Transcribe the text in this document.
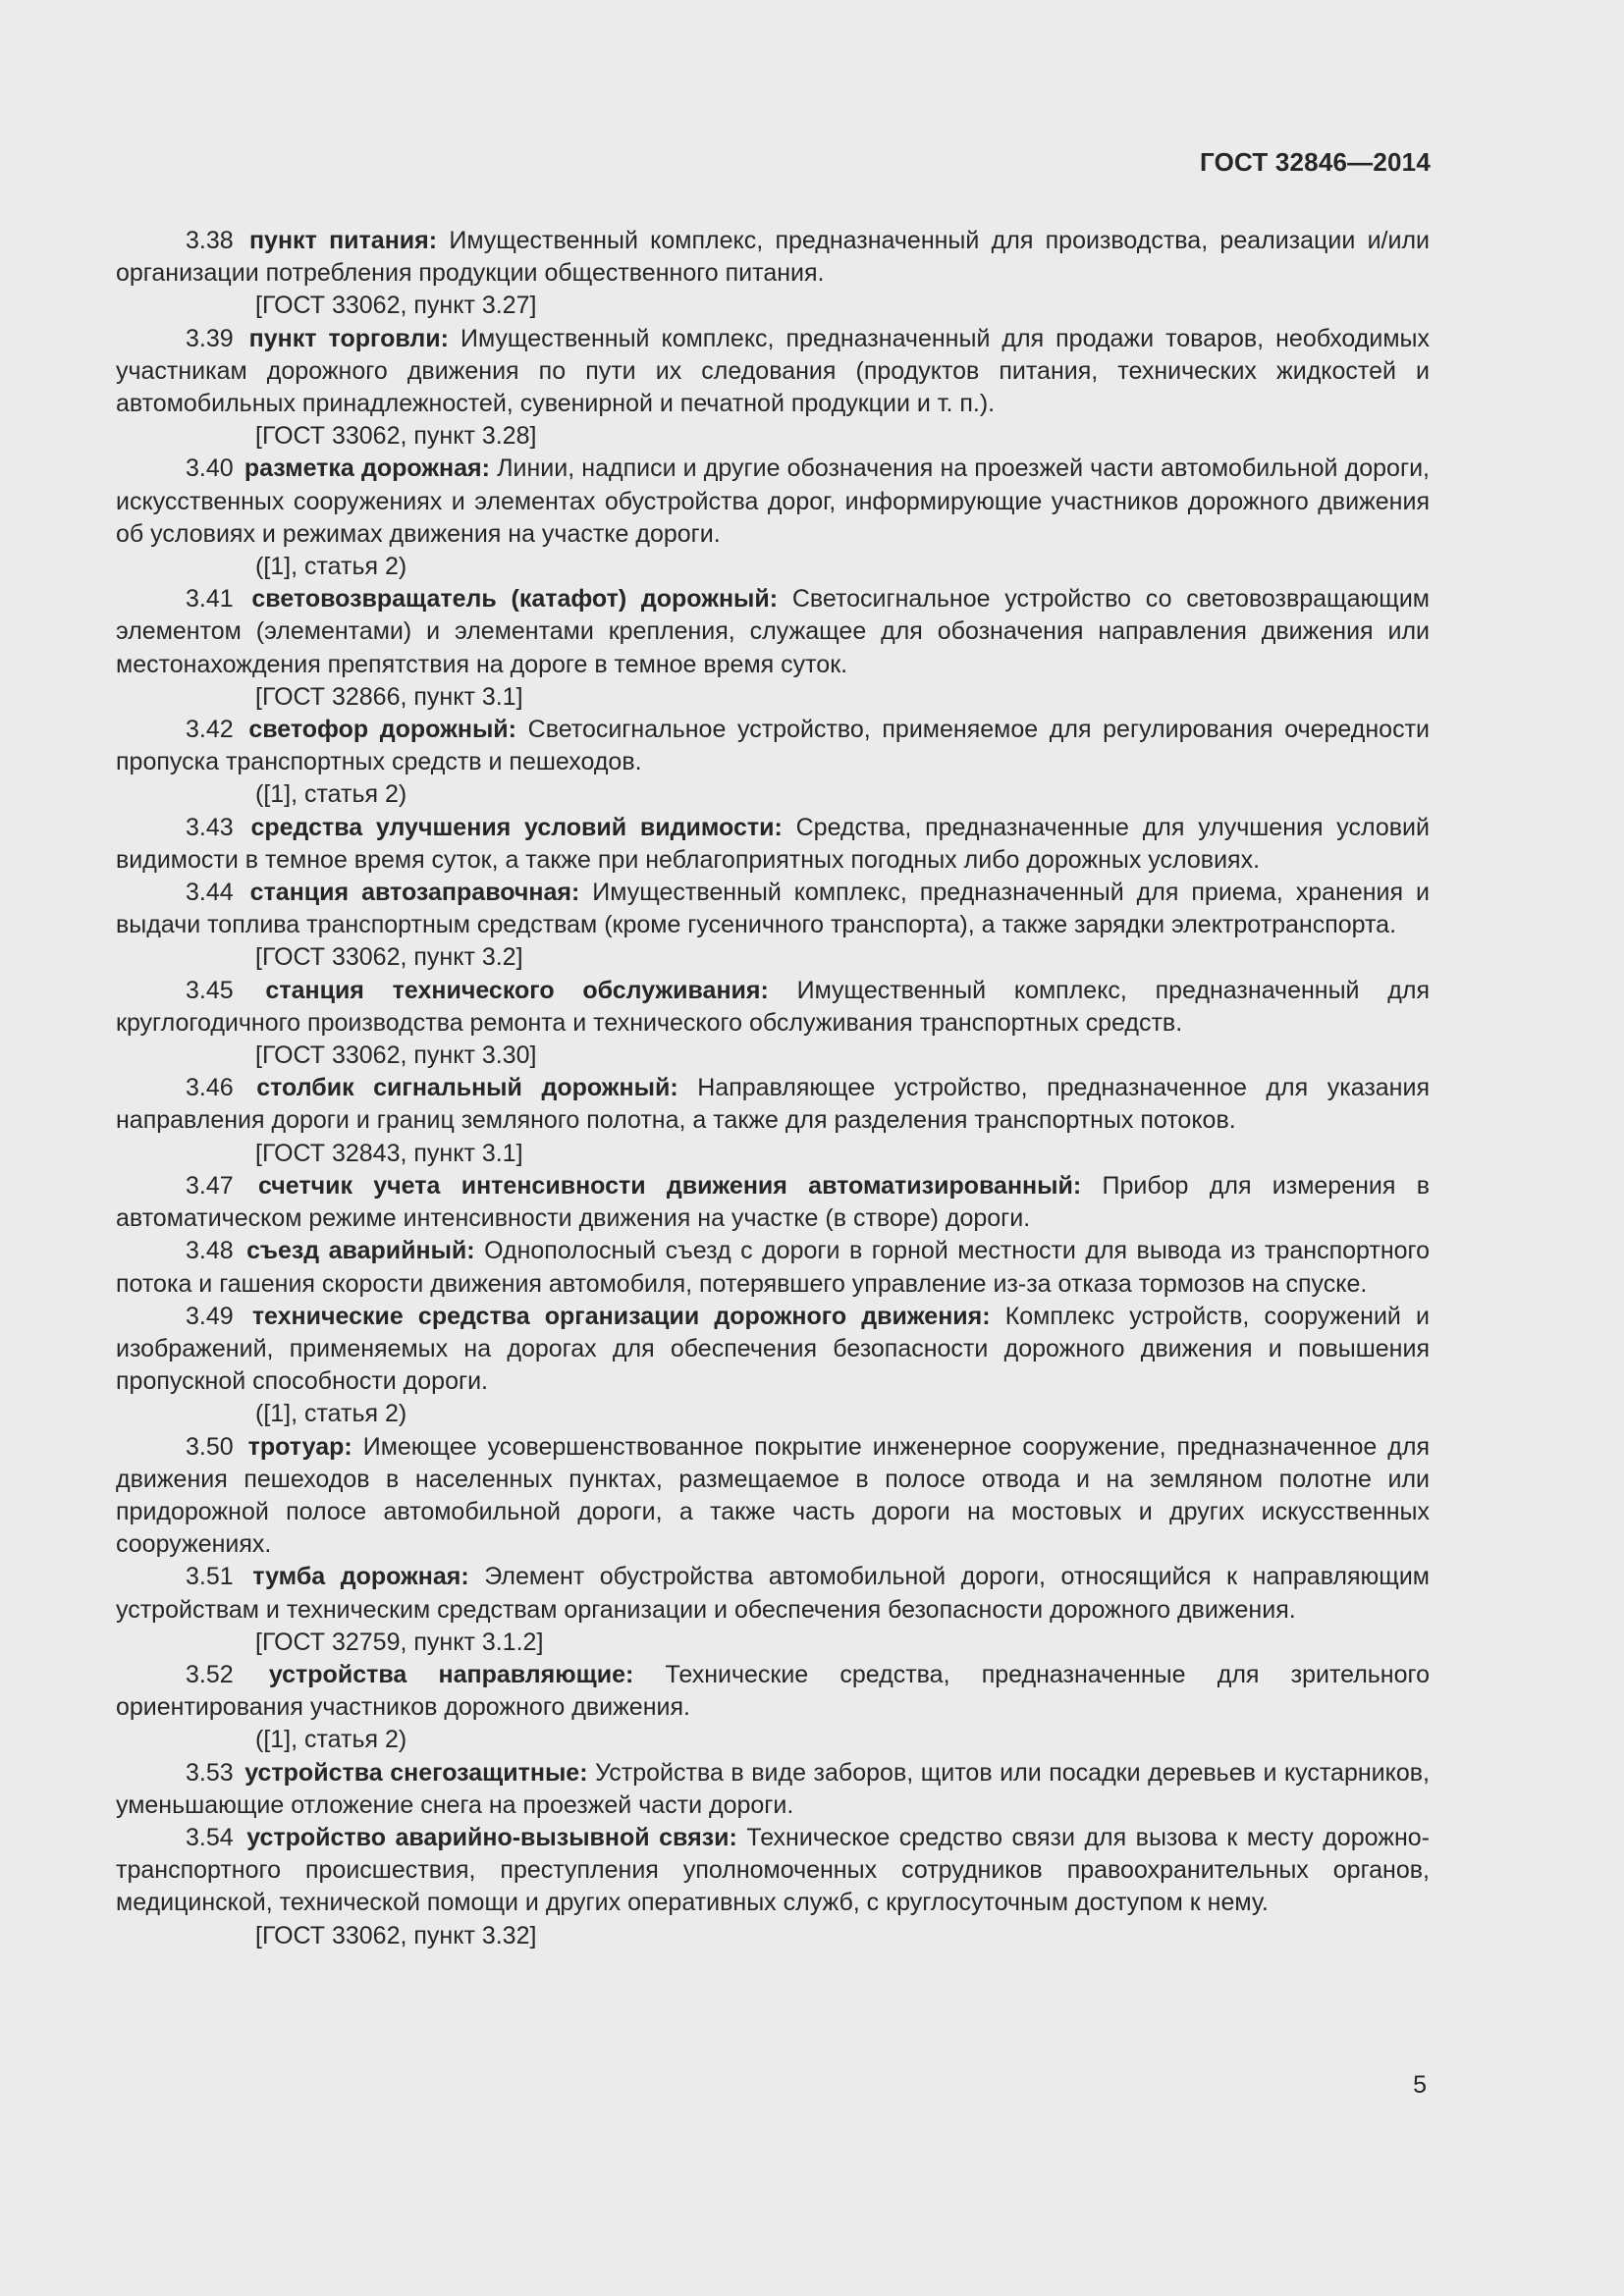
ГОСТ 32846—2014

3.38 пункт питания: Имущественный комплекс, предназначенный для производства, реализации и/или организации потребления продукции общественного питания.

[ГОСТ 33062, пункт 3.27]

3.39 пункт торговли: Имущественный комплекс, предназначенный для продажи товаров, необходимых участникам дорожного движения по пути их следования (продуктов питания, технических жидкостей и автомобильных принадлежностей, сувенирной и печатной продукции и т. п.).

[ГОСТ 33062, пункт 3.28]

3.40 разметка дорожная: Линии, надписи и другие обозначения на проезжей части автомобильной дороги, искусственных сооружениях и элементах обустройства дорог, информирующие участников дорожного движения об условиях и режимах движения на участке дороги.

([1], статья 2)

3.41 световозвращатель (катафот) дорожный: Светосигнальное устройство со световозвращающим элементом (элементами) и элементами крепления, служащее для обозначения направления движения или местонахождения препятствия на дороге в темное время суток.

[ГОСТ 32866, пункт 3.1]

3.42 светофор дорожный: Светосигнальное устройство, применяемое для регулирования очередности пропуска транспортных средств и пешеходов.

([1], статья 2)

3.43 средства улучшения условий видимости: Средства, предназначенные для улучшения условий видимости в темное время суток, а также при неблагоприятных погодных либо дорожных условиях.

3.44 станция автозаправочная: Имущественный комплекс, предназначенный для приема, хранения и выдачи топлива транспортным средствам (кроме гусеничного транспорта), а также зарядки электротранспорта.

[ГОСТ 33062, пункт 3.2]

3.45 станция технического обслуживания: Имущественный комплекс, предназначенный для круглогодичного производства ремонта и технического обслуживания транспортных средств.

[ГОСТ 33062, пункт 3.30]

3.46 столбик сигнальный дорожный: Направляющее устройство, предназначенное для указания направления дороги и границ земляного полотна, а также для разделения транспортных потоков.

[ГОСТ 32843, пункт 3.1]

3.47 счетчик учета интенсивности движения автоматизированный: Прибор для измерения в автоматическом режиме интенсивности движения на участке (в створе) дороги.

3.48 съезд аварийный: Однополосный съезд с дороги в горной местности для вывода из транспортного потока и гашения скорости движения автомобиля, потерявшего управление из-за отказа тормозов на спуске.

3.49 технические средства организации дорожного движения: Комплекс устройств, сооружений и изображений, применяемых на дорогах для обеспечения безопасности дорожного движения и повышения пропускной способности дороги.

([1], статья 2)

3.50 тротуар: Имеющее усовершенствованное покрытие инженерное сооружение, предназначенное для движения пешеходов в населенных пунктах, размещаемое в полосе отвода и на земляном полотне или придорожной полосе автомобильной дороги, а также часть дороги на мостовых и других искусственных сооружениях.

3.51 тумба дорожная: Элемент обустройства автомобильной дороги, относящийся к направляющим устройствам и техническим средствам организации и обеспечения безопасности дорожного движения.

[ГОСТ 32759, пункт 3.1.2]

3.52 устройства направляющие: Технические средства, предназначенные для зрительного ориентирования участников дорожного движения.

([1], статья 2)

3.53 устройства снегозащитные: Устройства в виде заборов, щитов или посадки деревьев и кустарников, уменьшающие отложение снега на проезжей части дороги.

3.54 устройство аварийно-вызывной связи: Техническое средство связи для вызова к месту дорожно-транспортного происшествия, преступления уполномоченных сотрудников правоохранительных органов, медицинской, технической помощи и других оперативных служб, с круглосуточным доступом к нему.

[ГОСТ 33062, пункт 3.32]

5
